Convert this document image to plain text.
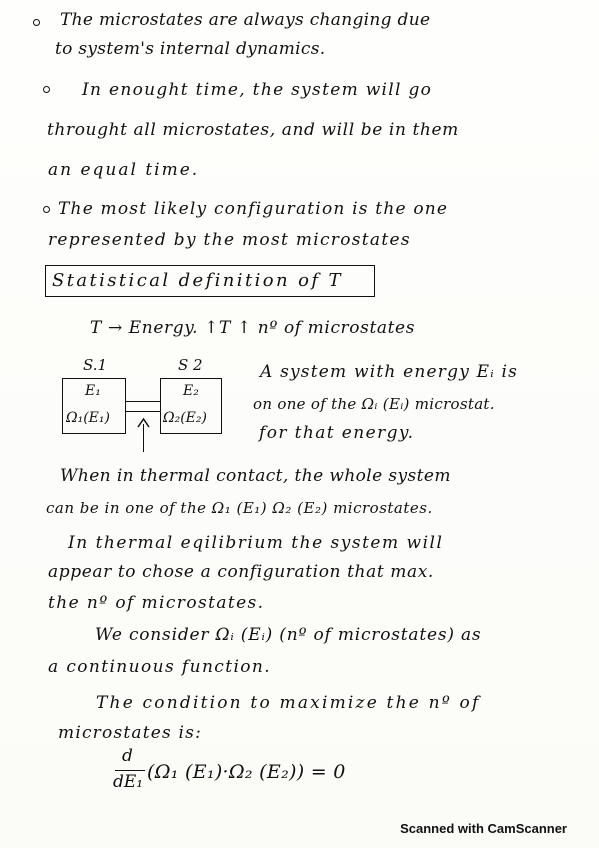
The microstates are always changing due
to system's internal dynamics.
In enought time, the system will go
throught all microstates, and will be in them
an equal time.
The most likely configuration is the one
represented by the most microstates
Statistical definition of T
T → Energy. ↑T ↑ nº of microstates
S.1	S 2
E₁
Ω₁(E₁)
E₂
Ω₂(E₂)
A system with energy Eᵢ is
on one of the Ωᵢ (Eᵢ) microstat.
for that energy.
When in thermal contact, the whole system
can be in one of the Ω₁ (E₁) Ω₂ (E₂) microstates.
In thermal eqilibrium the system will
appear to chose a configuration that max.
the nº of microstates.
We consider Ωᵢ (Eᵢ) (nº of microstates) as
a continuous function.
The condition to maximize the nº of
microstates is:
d
dE₁ (Ω₁ (E₁)·Ω₂ (E₂)) = 0
Scanned with CamScanner
